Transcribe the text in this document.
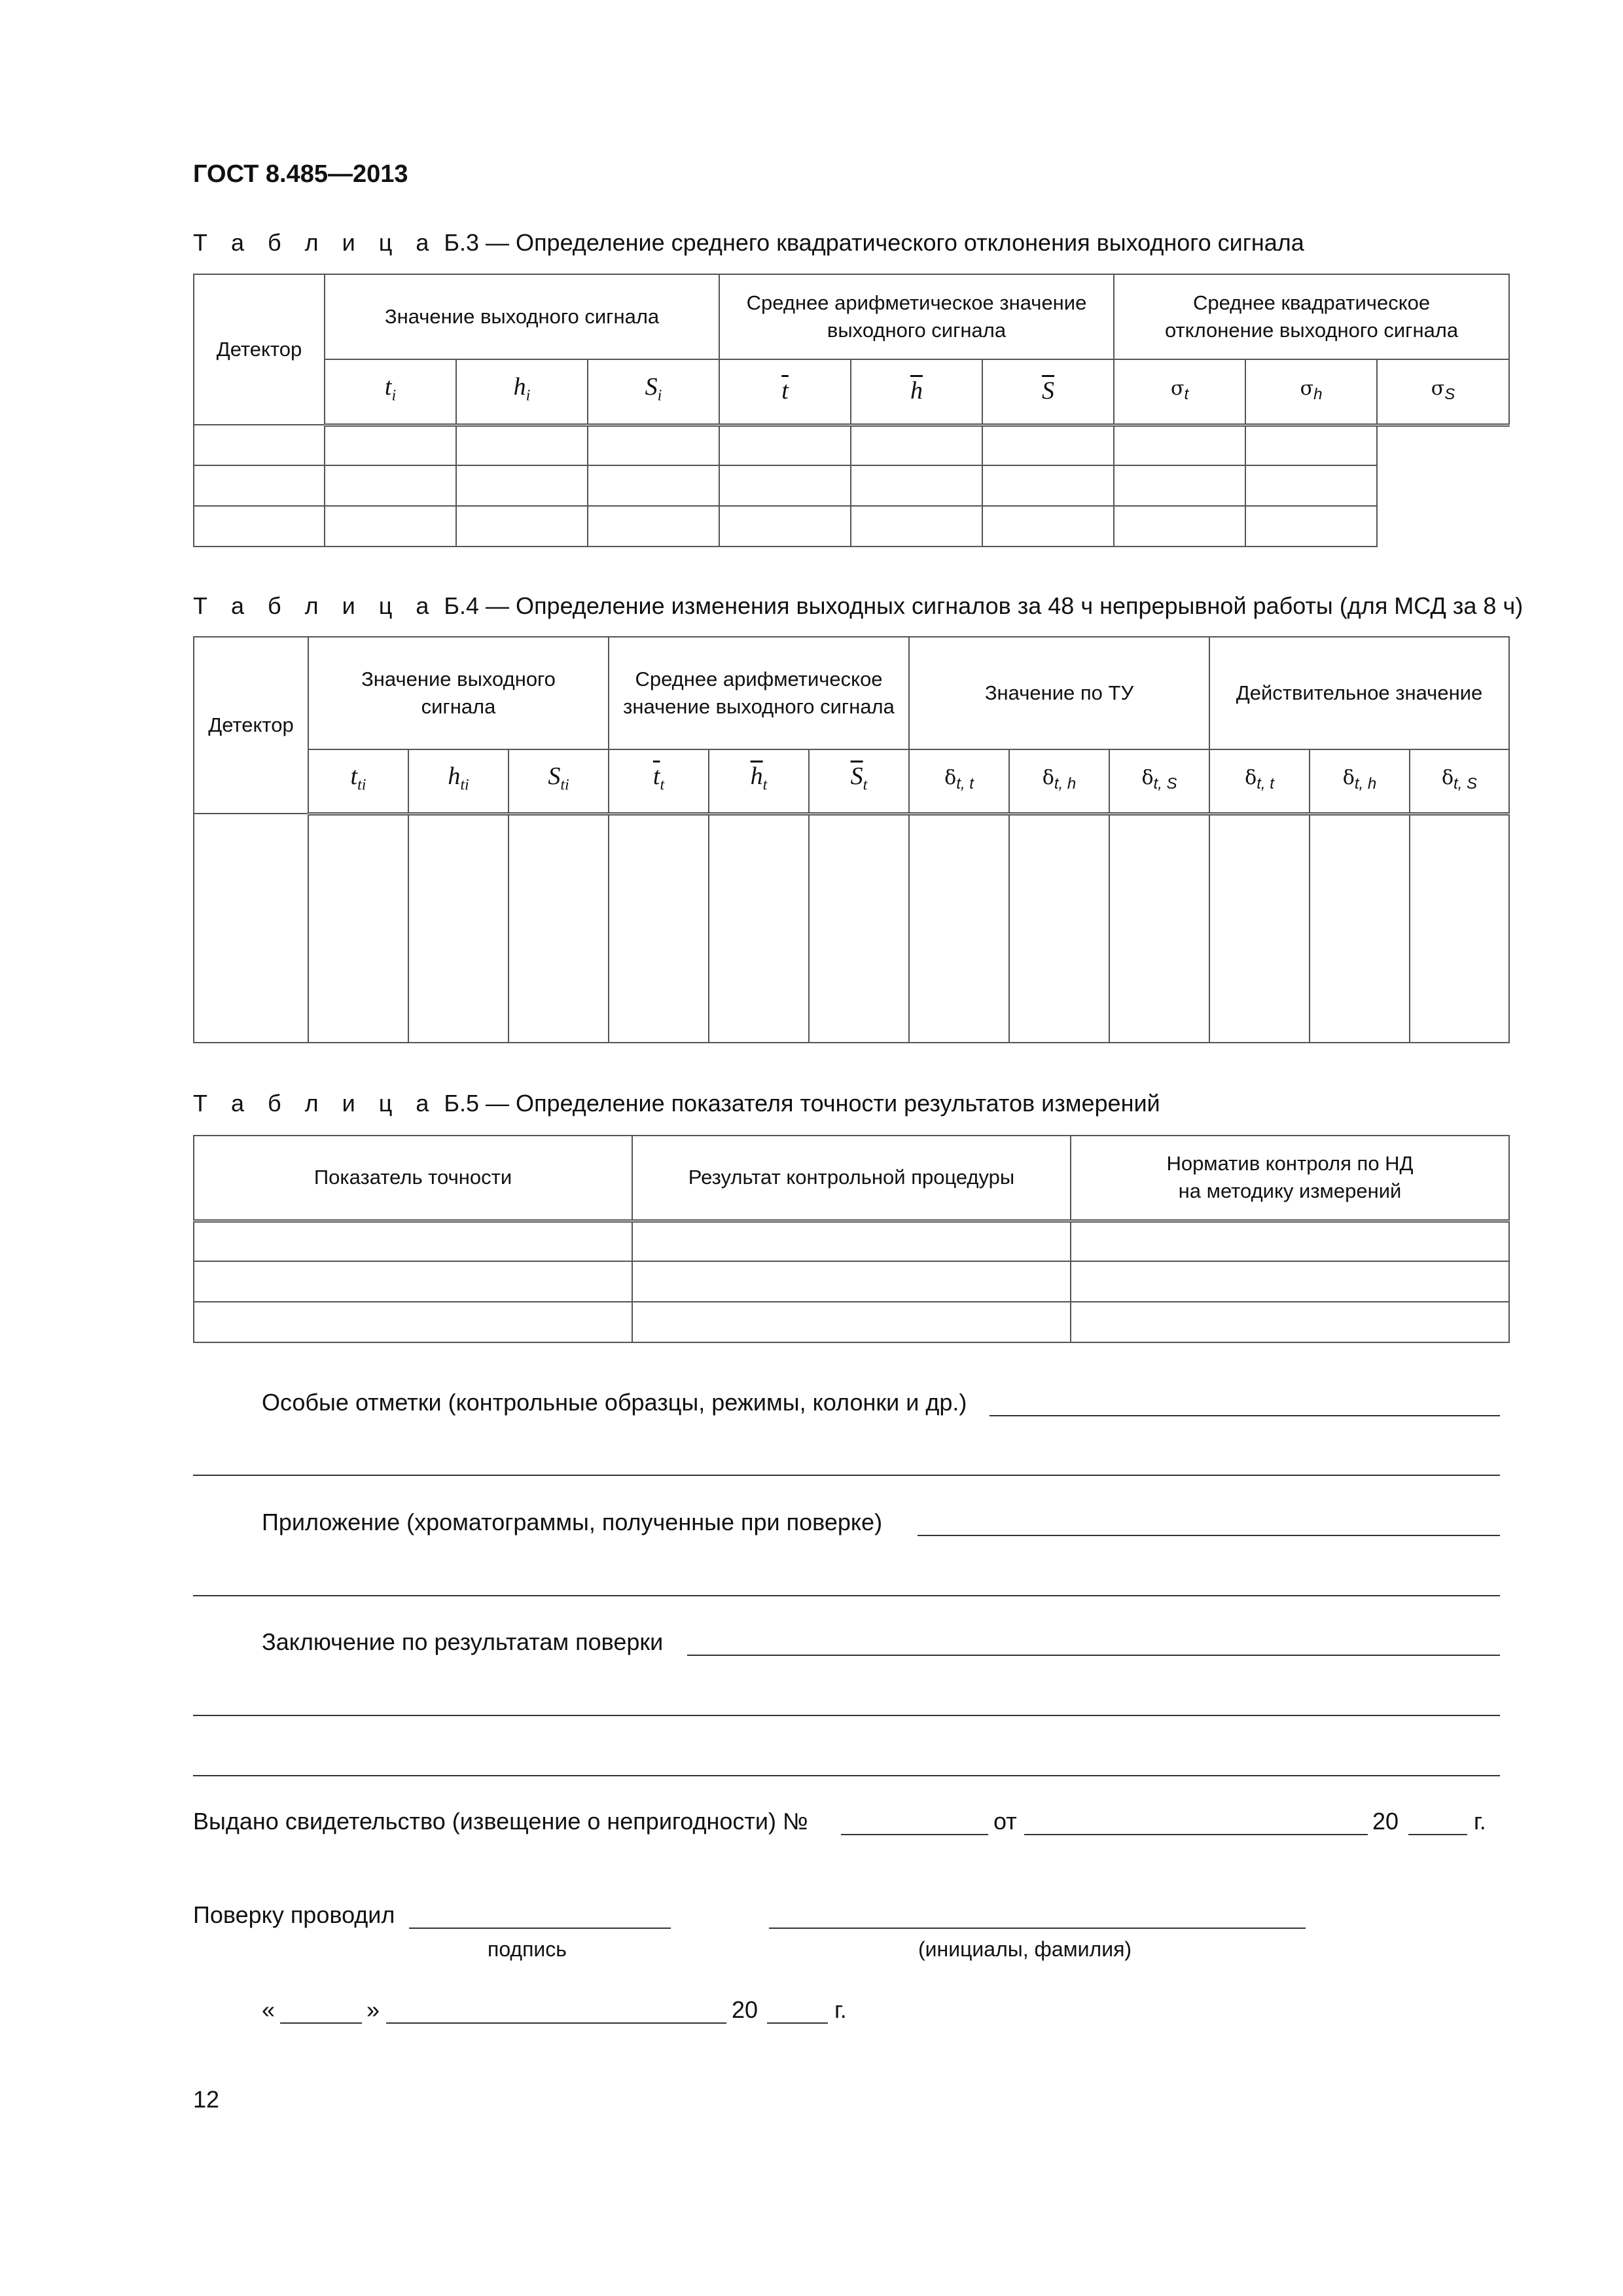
ГОСТ 8.485—2013
Т а б л и ц а Б.3 — Определение среднего квадратического отклонения выходного сигнала
Детектор	Значение выходного сигнала			Среднее арифметическое значение выходного сигнала			Среднее квадратическое отклонение выходного сигнала		
	$t_i$	$h_i$	$S_i$	$\overline{t}$	$\overline{h}$	$\overline{S}$	$\sigma_t$	$\sigma_h$	$\sigma_S$

Т а б л и ц а Б.4 — Определение изменения выходных сигналов за 48 ч непрерывной работы (для МСД за 8 ч)
Детектор	Значение выходного сигнала			Среднее арифметическое значение выходного сигнала			Значение по ТУ			Действительное значение		
	$t_{ti}$	$h_{ti}$	$S_{ti}$	$\overline{t}_t$	$\overline{h}_t$	$\overline{S}_t$	$\delta_{t, t}$	$\delta_{t, h}$	$\delta_{t, S}$	$\delta_{t, t}$	$\delta_{t, h}$	$\delta_{t, S}$

Т а б л и ц а Б.5 — Определение показателя точности результатов измерений
Показатель точности	Результат контрольной процедуры	Норматив контроля по НД
на методику измерений

Особые отметки (контрольные образцы, режимы, колонки и др.)
Приложение (хроматограммы, полученные при поверке)
Заключение по результатам поверки
Выдано свидетельство (извещение о непригодности) №	от	20	г.
Поверку проводил
подпись	(инициалы, фамилия)
«	»	20	г.
12
